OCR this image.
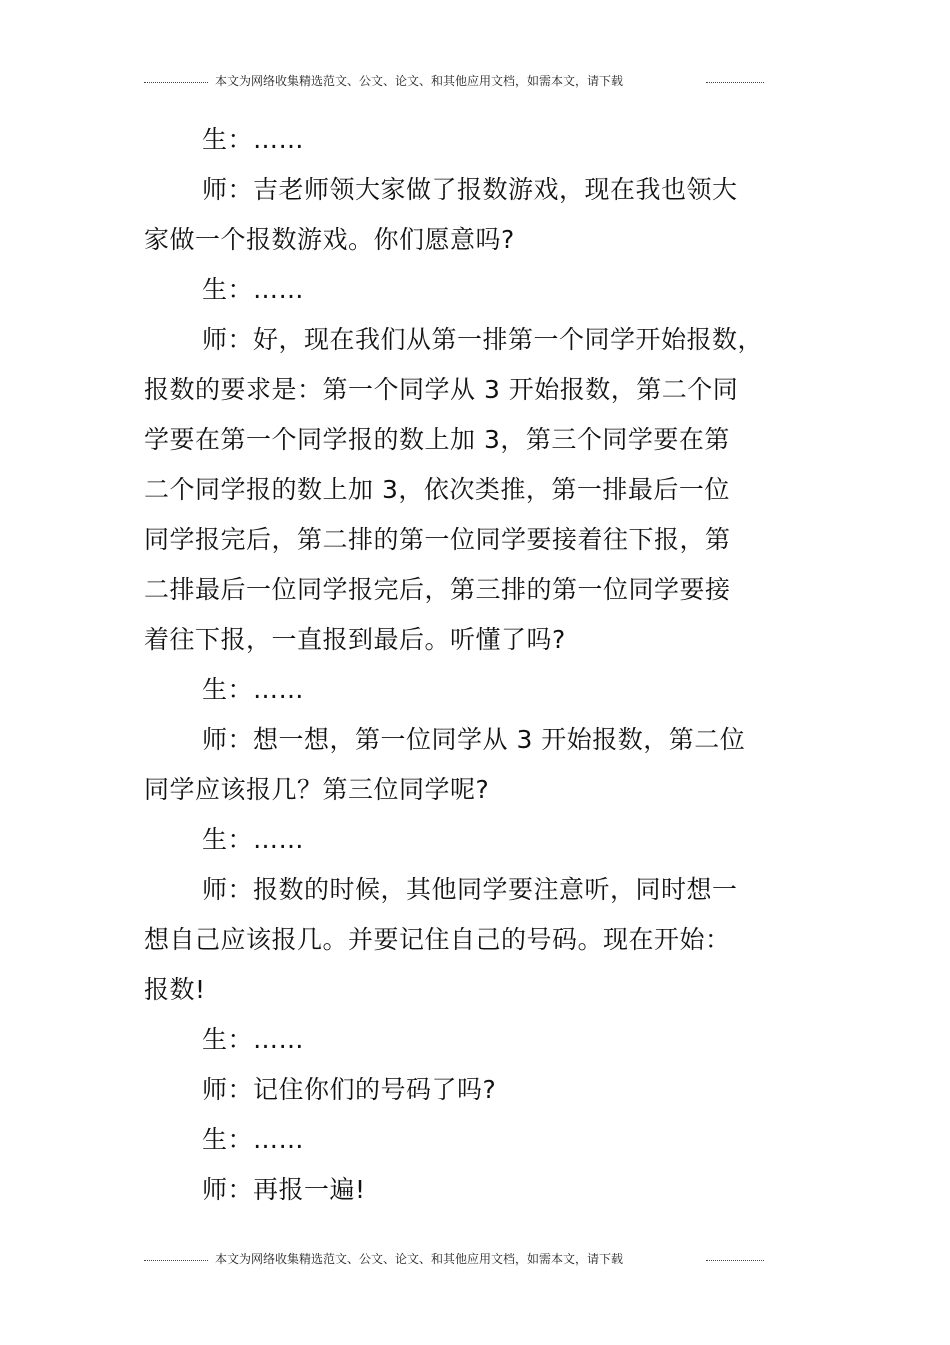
本文为网络收集精选范文、公文、论文、和其他应用文档，如需本文，请下载
生：……
师：吉老师领大家做了报数游戏，现在我也领大
家做一个报数游戏。你们愿意吗?
生：……
师：好，现在我们从第一排第一个同学开始报数，
报数的要求是：第一个同学从 3 开始报数，第二个同
学要在第一个同学报的数上加 3，第三个同学要在第
二个同学报的数上加 3，依次类推，第一排最后一位
同学报完后，第二排的第一位同学要接着往下报，第
二排最后一位同学报完后，第三排的第一位同学要接
着往下报，一直报到最后。听懂了吗?
生：……
师：想一想，第一位同学从 3 开始报数，第二位
同学应该报几？第三位同学呢?
生：……
师：报数的时候，其他同学要注意听，同时想一
想自己应该报几。并要记住自己的号码。现在开始：
报数!
生：……
师：记住你们的号码了吗?
生：……
师：再报一遍!
本文为网络收集精选范文、公文、论文、和其他应用文档，如需本文，请下载
